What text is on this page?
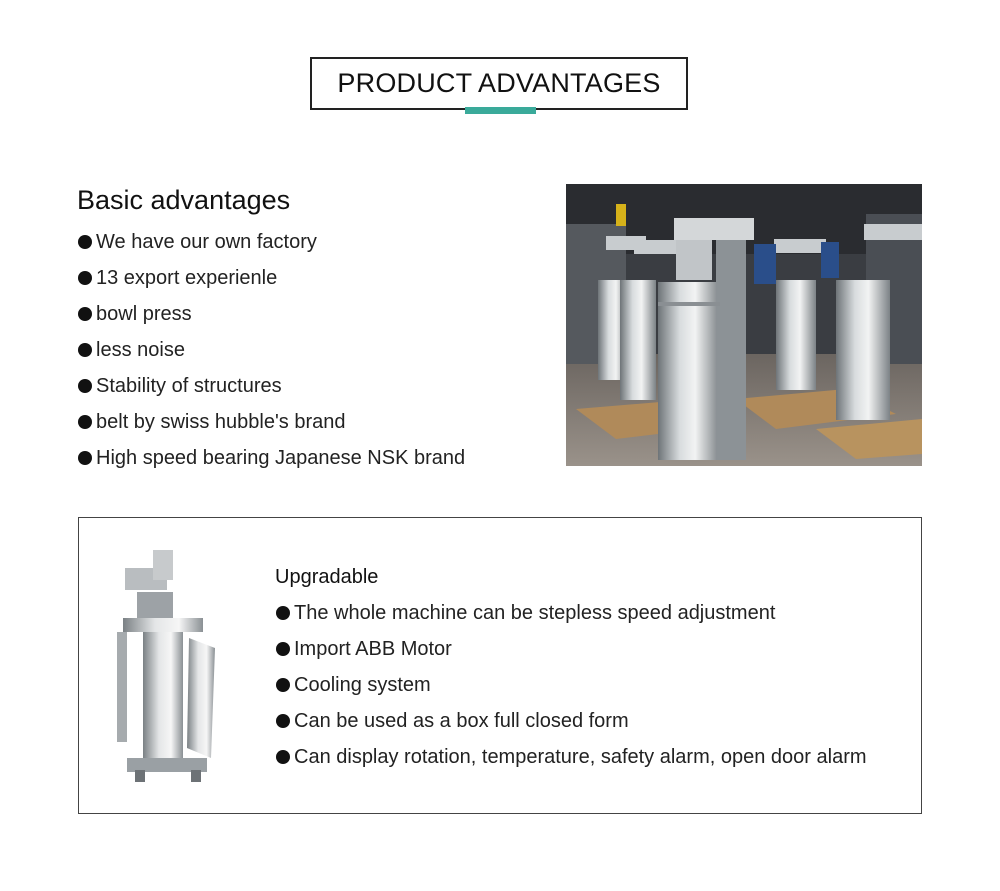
PRODUCT ADVANTAGES
Basic advantages
We have our own factory
13 export experienle
bowl press
less noise
Stability of structures
belt by swiss hubble's brand
High speed bearing Japanese NSK brand
Upgradable
The whole machine can be stepless speed adjustment
Import ABB Motor
Cooling system
Can be used as a box full closed form
Can display rotation, temperature, safety alarm, open door alarm
